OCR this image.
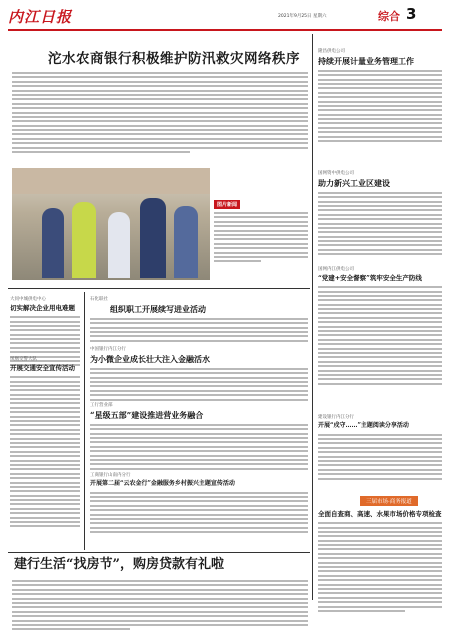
内江日报	2021年9月25日 星期六	综合 3
沱水农商银行积极维护防汛救灾网络秩序
图片新闻
隆昌供电公司
持续开展计量业务管理工作
国网资中供电公司
助力新兴工业区建设
国网内江供电公司
“党建+安全督察”筑牢安全生产防线
建设银行内江分行
开展“戍守……”主题阅读分享活动
三届市场·商务报道
全面自查商、高速、水果市场价格专项检查
大同中城供电中心
切实解决企业用电难题
凤凰交警大队
开展交通安全宣传活动
石化联社
组织职工开展续写进业活动
中国银行内江分行
为小微企业成长壮大注入金融活水
工行营业部
“星级五部”建设推进营业务融合
工商银行山南内分行
开展第二届“云农金行”金融服务乡村振兴主题宣传活动
建行生活“找房节”，购房贷款有礼啦
